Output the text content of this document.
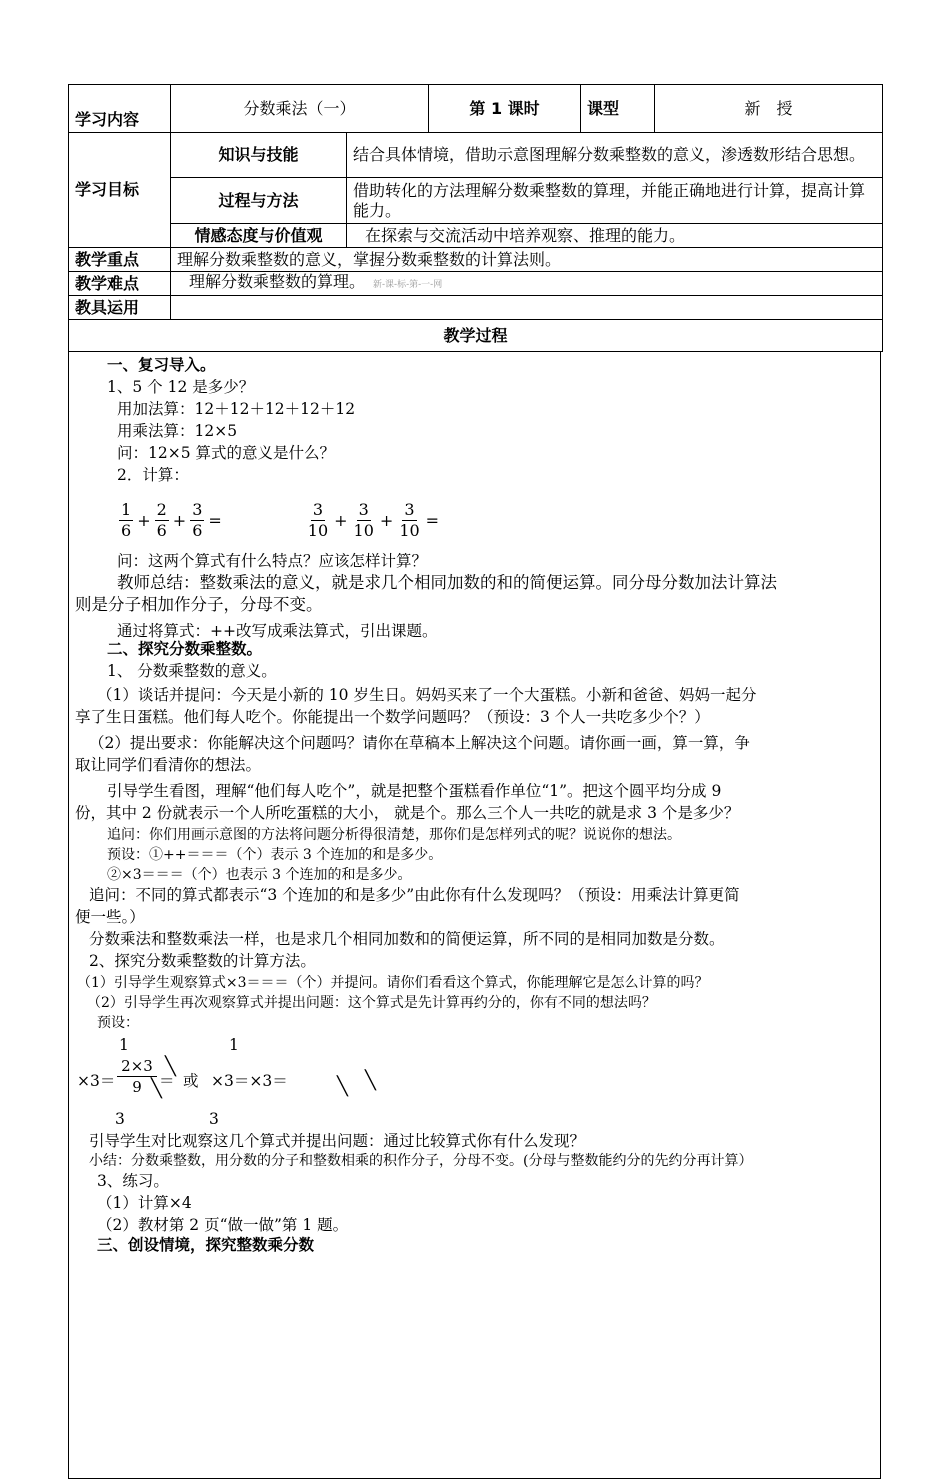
学习内容	分数乘法（一）		第 1 课时	课型	新　授
学习目标	知识与技能	结合具体情境，借助示意图理解分数乘整数的意义，渗透数形结合思想。			
	过程与方法	借助转化的方法理解分数乘整数的算理，并能正确地进行计算，提高计算能力。			
	情感态度与价值观	在探索与交流活动中培养观察、推理的能力。			
教学重点	理解分数乘整数的意义，掌握分数乘整数的计算法则。				
教学难点	理解分数乘整数的算理。 新-课-标-第-一-网				
教具运用					
教学过程					
一、复习导入。
1、5 个 12 是多少？
用加法算：12＋12＋12＋12＋12
用乘法算：12×5
问：12×5 算式的意义是什么？
2．计算：
$\frac{1}{6} + \frac{2}{6} + \frac{3}{6}$ =	$\frac{3}{10} + \frac{3}{10} + \frac{3}{10}$ =
问：这两个算式有什么特点？应该怎样计算？
教师总结：整数乘法的意义，就是求几个相同加数的和的简便运算。同分母分数加法计算法
则是分子相加作分子，分母不变。
通过将算式：++改写成乘法算式，引出课题。
二、探究分数乘整数。
1、 分数乘整数的意义。
（1）谈话并提问：今天是小新的 10 岁生日。妈妈买来了一个大蛋糕。小新和爸爸、妈妈一起分
享了生日蛋糕。他们每人吃个。你能提出一个数学问题吗？（预设：3 个人一共吃多少个？）
（2）提出要求：你能解决这个问题吗？请你在草稿本上解决这个问题。请你画一画，算一算，争
取让同学们看清你的想法。
引导学生看图，理解“他们每人吃个”，就是把整个蛋糕看作单位“1”。把这个圆平均分成 9
份，其中 2 份就表示一个人所吃蛋糕的大小， 就是个。那么三个人一共吃的就是求 3 个是多少？
追问：你们用画示意图的方法将问题分析得很清楚，那你们是怎样列式的呢？说说你的想法。
预设：①++＝＝＝（个）表示 3 个连加的和是多少。
②×3＝＝＝（个）也表示 3 个连加的和是多少。
追问：不同的算式都表示“3 个连加的和是多少”由此你有什么发现吗？（预设：用乘法计算更简
便一些。）
分数乘法和整数乘法一样，也是求几个相同加数和的简便运算，所不同的是相同加数是分数。
2、探究分数乘整数的计算方法。
（1）引导学生观察算式×3＝＝＝（个）并提问。请你们看看这个算式，你能理解它是怎么计算的吗？
（2）引导学生再次观察算式并提出问题：这个算式是先计算再约分的，你有不同的想法吗？
预设：
1	1
$\times 3= \frac{2\times 3}{9}$ ＝ 或 ×3＝×3＝
╲
╲	╲ ╲
3	3
引导学生对比观察这几个算式并提出问题：通过比较算式你有什么发现？
小结：分数乘整数，用分数的分子和整数相乘的积作分子，分母不变。(分母与整数能约分的先约分再计算）
3、练习。
（1）计算×4
（2）教材第 2 页“做一做”第 1 题。
三、创设情境，探究整数乘分数
